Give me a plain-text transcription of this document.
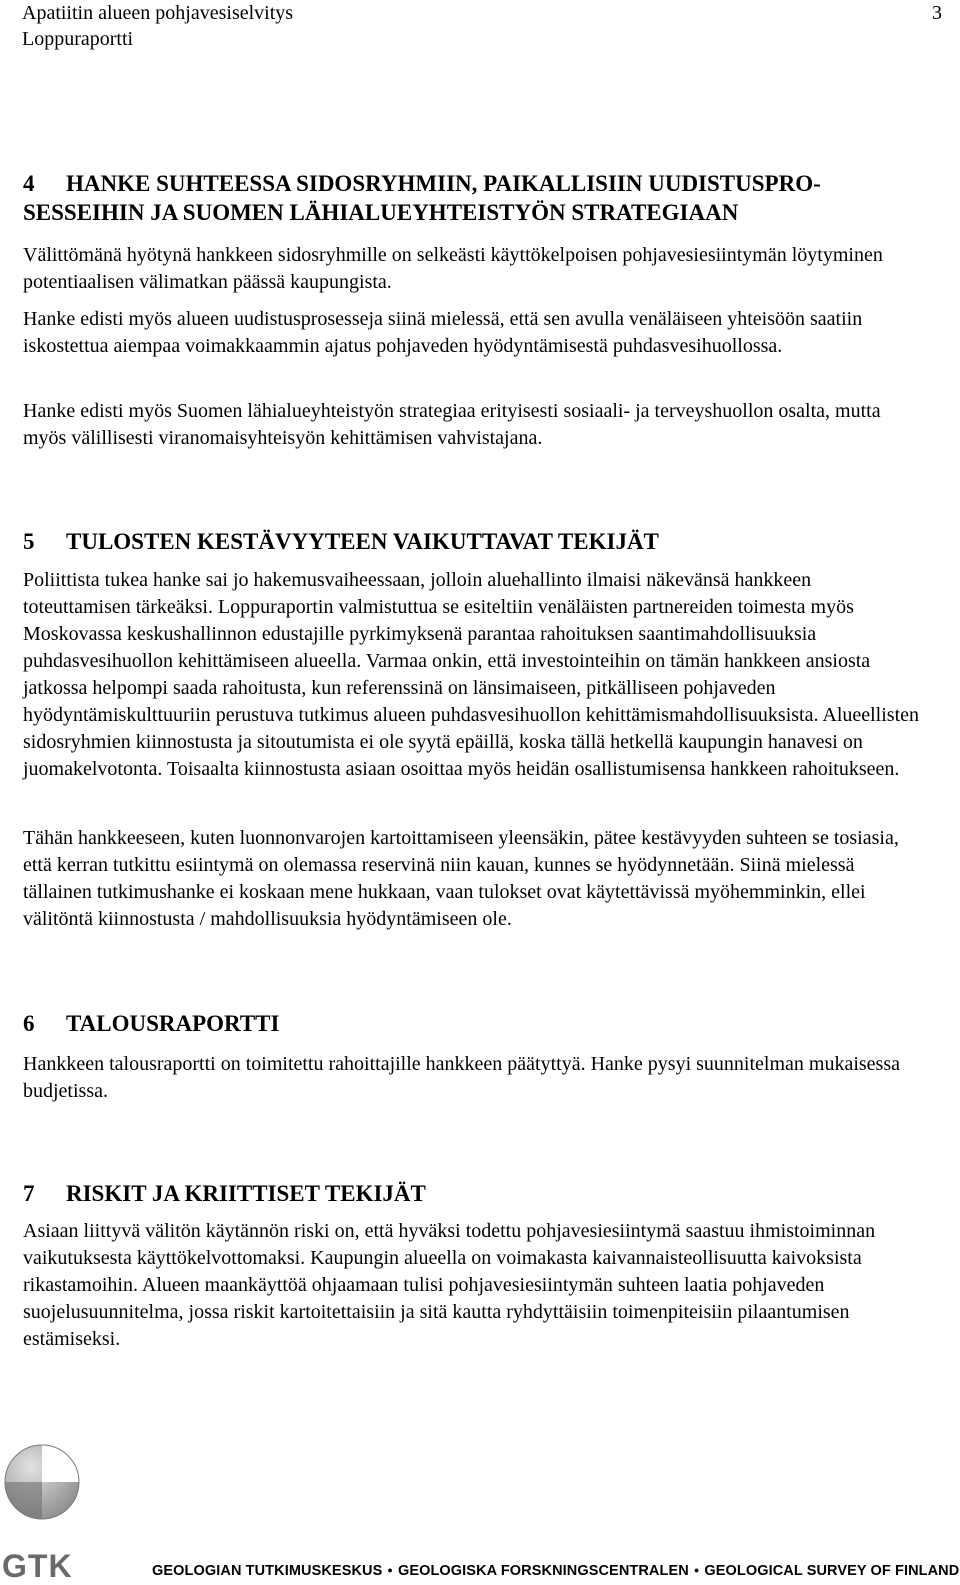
Apatiitin alueen pohjavesiselvitys	3
Loppuraportti
4	HANKE SUHTEESSA SIDOSRYHMIIN, PAIKALLISIIN UUDISTUSPRO-
SESSEIHIN JA SUOMEN LÄHIALUEYHTEISTYÖN STRATEGIAAN

Välittömänä hyötynä hankkeen sidosryhmille on selkeästi käyttökelpoisen pohjavesiesiintymän löytyminen potentiaalisen välimatkan päässä kaupungista.

Hanke edisti myös alueen uudistusprosesseja siinä mielessä, että sen avulla venäläiseen yhteisöön saatiin iskostettua aiempaa voimakkaammin ajatus pohjaveden hyödyntämisestä puhdasvesihuollossa.

Hanke edisti myös Suomen lähialueyhteistyön strategiaa erityisesti sosiaali- ja terveyshuollon osalta, mutta myös välillisesti viranomaisyhteisyön kehittämisen vahvistajana.

5	TULOSTEN KESTÄVYYTEEN VAIKUTTAVAT TEKIJÄT

Poliittista tukea hanke sai jo hakemusvaiheessaan, jolloin aluehallinto ilmaisi näkevänsä hankkeen toteuttamisen tärkeäksi. Loppuraportin valmistuttua se esiteltiin venäläisten partnereiden toimesta myös Moskovassa keskushallinnon edustajille pyrkimyksenä parantaa rahoituksen saantimahdollisuuksia puhdasvesihuollon kehittämiseen alueella. Varmaa onkin, että investointeihin on tämän hankkeen ansiosta jatkossa helpompi saada rahoitusta, kun referenssinä on länsimaiseen, pitkälliseen pohjaveden hyödyntämiskulttuuriin perustuva tutkimus alueen puhdasvesihuollon kehittämismahdollisuuksista. Alueellisten sidosryhmien kiinnostusta ja sitoutumista ei ole syytä epäillä, koska tällä hetkellä kaupungin hanavesi on juomakelvotonta. Toisaalta kiinnostusta asiaan osoittaa myös heidän osallistumisensa hankkeen rahoitukseen.

Tähän hankkeeseen, kuten luonnonvarojen kartoittamiseen yleensäkin, pätee kestävyyden suhteen se tosiasia, että kerran tutkittu esiintymä on olemassa reservinä niin kauan, kunnes se hyödynnetään. Siinä mielessä tällainen tutkimushanke ei koskaan mene hukkaan, vaan tulokset ovat käytettävissä myöhemminkin, ellei välitöntä kiinnostusta / mahdollisuuksia hyödyntämiseen ole.

6	TALOUSRAPORTTI

Hankkeen talousraportti on toimitettu rahoittajille hankkeen päätyttyä. Hanke pysyi suunnitelman mukaisessa budjetissa.

7	RISKIT JA KRIITTISET TEKIJÄT

Asiaan liittyvä välitön käytännön riski on, että hyväksi todettu pohjavesiesiintymä saastuu ihmistoiminnan vaikutuksesta käyttökelvottomaksi. Kaupungin alueella on voimakasta kaivannaisteollisuutta kaivoksista rikastamoihin. Alueen maankäyttöä ohjaamaan tulisi pohjavesiesiintymän suhteen laatia pohjaveden suojelusuunnitelma, jossa riskit kartoitettaisiin ja sitä kautta ryhdyttäisiin toimenpiteisiin pilaantumisen estämiseksi.

GTK	GEOLOGIAN TUTKIMUSKESKUS ● GEOLOGISKA FORSKNINGSCENTRALEN ● GEOLOGICAL SURVEY OF FINLAND
